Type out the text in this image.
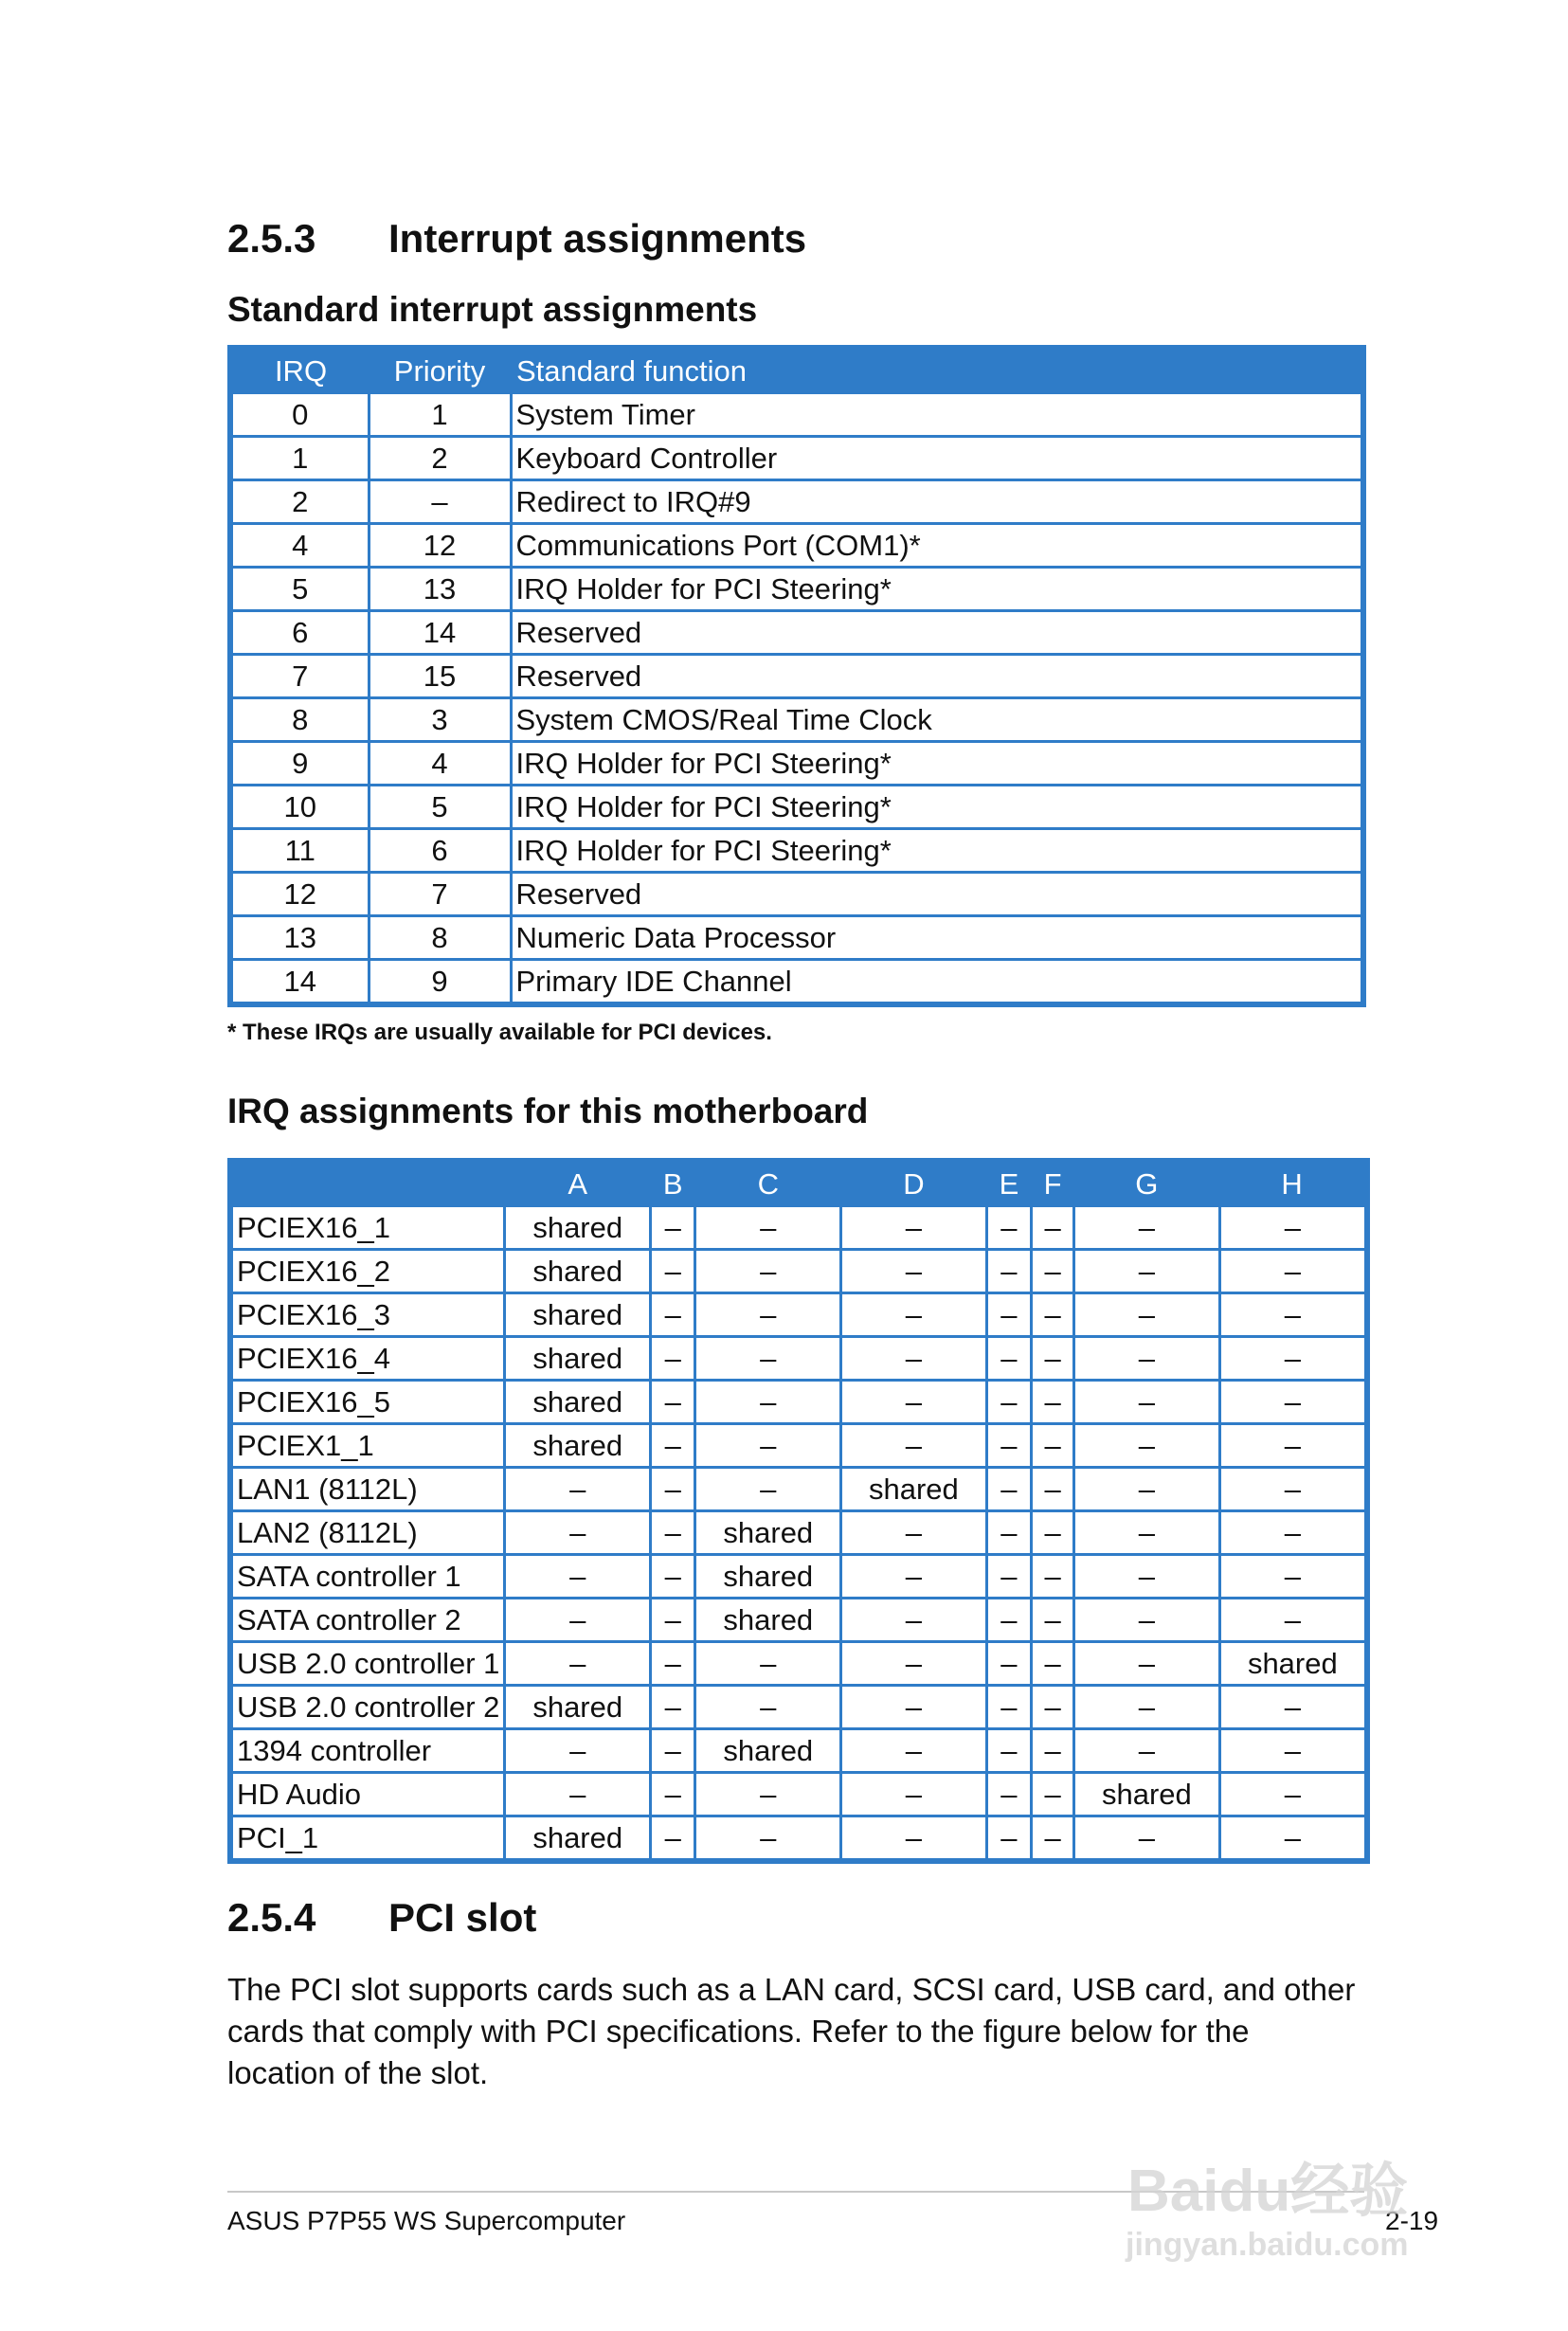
2.5.3 Interrupt assignments
Standard interrupt assignments
IRQ	Priority	Standard function
0	1	System Timer
1	2	Keyboard Controller
2	–	Redirect to IRQ#9
4	12	Communications Port (COM1)*
5	13	IRQ Holder for PCI Steering*
6	14	Reserved
7	15	Reserved
8	3	System CMOS/Real Time Clock
9	4	IRQ Holder for PCI Steering*
10	5	IRQ Holder for PCI Steering*
11	6	IRQ Holder for PCI Steering*
12	7	Reserved
13	8	Numeric Data Processor
14	9	Primary IDE Channel
* These IRQs are usually available for PCI devices.
IRQ assignments for this motherboard
	A	B	C	D	E	F	G	H
PCIEX16_1	shared	–	–	–	–	–	–	–
PCIEX16_2	shared	–	–	–	–	–	–	–
PCIEX16_3	shared	–	–	–	–	–	–	–
PCIEX16_4	shared	–	–	–	–	–	–	–
PCIEX16_5	shared	–	–	–	–	–	–	–
PCIEX1_1	shared	–	–	–	–	–	–	–
LAN1 (8112L)	–	–	–	shared	–	–	–	–
LAN2 (8112L)	–	–	shared	–	–	–	–	–
SATA controller 1	–	–	shared	–	–	–	–	–
SATA controller 2	–	–	shared	–	–	–	–	–
USB 2.0 controller 1	–	–	–	–	–	–	–	shared
USB 2.0 controller 2	shared	–	–	–	–	–	–	–
1394 controller	–	–	shared	–	–	–	–	–
HD Audio	–	–	–	–	–	–	shared	–
PCI_1	shared	–	–	–	–	–	–	–
2.5.4 PCI slot
The PCI slot supports cards such as a LAN card, SCSI card, USB card, and other cards that comply with PCI specifications. Refer to the figure below for the location of the slot.
ASUS P7P55 WS Supercomputer	2-19
Baidu经验
jingyan.baidu.com
